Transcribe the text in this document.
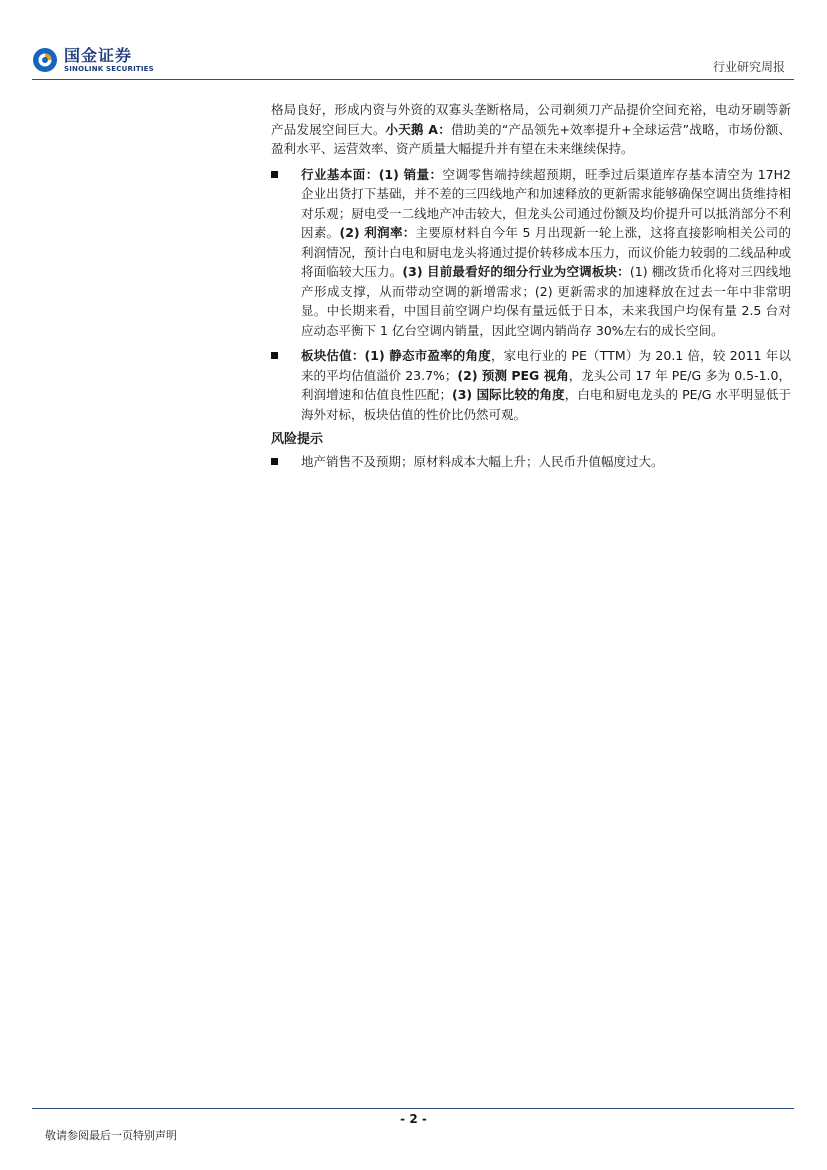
国金证券
SINOLINK SECURITIES	行业研究周报

格局良好，形成内资与外资的双寡头垄断格局，公司剃须刀产品提价空间充裕，电动牙刷等新产品发展空间巨大。小天鹅 A：借助美的“产品领先+效率提升+全球运营”战略，市场份额、盈利水平、运营效率、资产质量大幅提升并有望在未来继续保持。

行业基本面：(1) 销量：空调零售端持续超预期，旺季过后渠道库存基本清空为 17H2 企业出货打下基础，并不差的三四线地产和加速释放的更新需求能够确保空调出货维持相对乐观；厨电受一二线地产冲击较大，但龙头公司通过份额及均价提升可以抵消部分不利因素。(2) 利润率：主要原材料自今年 5 月出现新一轮上涨，这将直接影响相关公司的利润情况，预计白电和厨电龙头将通过提价转移成本压力，而议价能力较弱的二线品种或将面临较大压力。(3) 目前最看好的细分行业为空调板块：(1) 棚改货币化将对三四线地产形成支撑，从而带动空调的新增需求；(2) 更新需求的加速释放在过去一年中非常明显。中长期来看，中国目前空调户均保有量远低于日本，未来我国户均保有量 2.5 台对应动态平衡下 1 亿台空调内销量，因此空调内销尚存 30%左右的成长空间。
板块估值：(1) 静态市盈率的角度，家电行业的 PE（TTM）为 20.1 倍，较 2011 年以来的平均估值溢价 23.7%；(2) 预测 PEG 视角，龙头公司 17 年 PE/G 多为 0.5-1.0，利润增速和估值良性匹配；(3) 国际比较的角度，白电和厨电龙头的 PE/G 水平明显低于海外对标，板块估值的性价比仍然可观。
风险提示
地产销售不及预期；原材料成本大幅上升；人民币升值幅度过大。
- 2 -
敬请参阅最后一页特别声明
